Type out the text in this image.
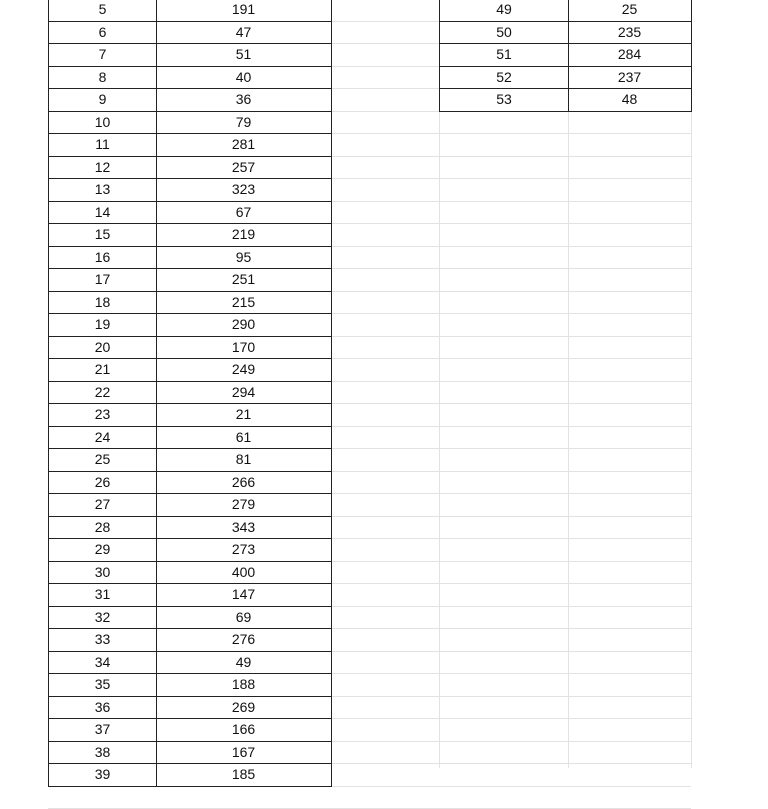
5	191
6	47
7	51
8	40
9	36
10	79
11	281
12	257
13	323
14	67
15	219
16	95
17	251
18	215
19	290
20	170
21	249
22	294
23	21
24	61
25	81
26	266
27	279
28	343
29	273
30	400
31	147
32	69
33	276
34	49
35	188
36	269
37	166
38	167
39	185
49	25
50	235
51	284
52	237
53	48
